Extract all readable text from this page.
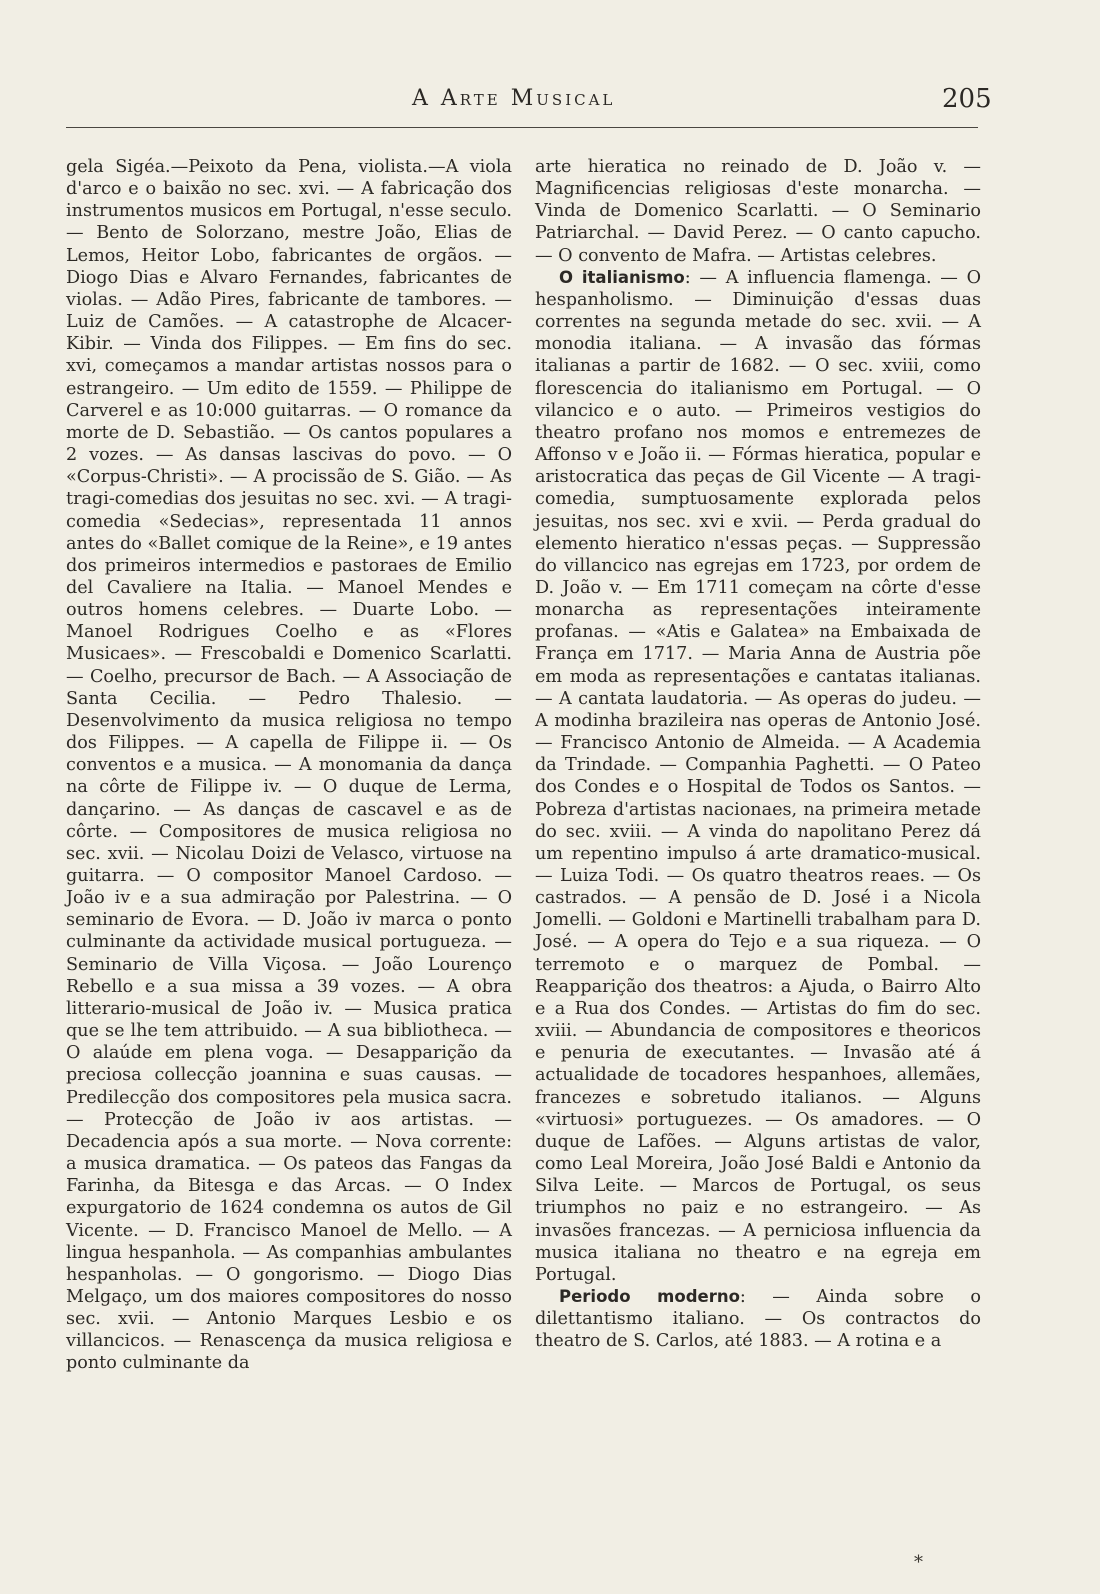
A Arte Musical	205

gela Sigéa.—Peixoto da Pena, violista.—A viola d'arco e o baixão no sec. xvi. — A fabricação dos instrumentos musicos em Portugal, n'esse seculo. — Bento de Solorzano, mestre João, Elias de Lemos, Heitor Lobo, fabricantes de orgãos. — Diogo Dias e Alvaro Fernandes, fabricantes de violas. — Adão Pires, fabricante de tambores. — Luiz de Camões. — A catastrophe de Alcacer-Kibir. — Vinda dos Filippes. — Em fins do sec. xvi, começamos a mandar artistas nossos para o estrangeiro. — Um edito de 1559. — Philippe de Carverel e as 10:000 guitarras. — O romance da morte de D. Sebastião. — Os cantos populares a 2 vozes. — As dansas lascivas do povo. — O «Corpus-Christi». — A procissão de S. Gião. — As tragi-comedias dos jesuitas no sec. xvi. — A tragi-comedia «Sedecias», representada 11 annos antes do «Ballet comique de la Reine», e 19 antes dos primeiros intermedios e pastoraes de Emilio del Cavaliere na Italia. — Manoel Mendes e outros homens celebres. — Duarte Lobo. — Manoel Rodrigues Coelho e as «Flores Musicaes». — Frescobaldi e Domenico Scarlatti. — Coelho, precursor de Bach. — A Associação de Santa Cecilia. — Pedro Thalesio. — Desenvolvimento da musica religiosa no tempo dos Filippes. — A capella de Filippe ii. — Os conventos e a musica. — A monomania da dança na côrte de Filippe iv. — O duque de Lerma, dançarino. — As danças de cascavel e as de côrte. — Compositores de musica religiosa no sec. xvii. — Nicolau Doizi de Velasco, virtuose na guitarra. — O compositor Manoel Cardoso. — João iv e a sua admiração por Palestrina. — O seminario de Evora. — D. João iv marca o ponto culminante da actividade musical portugueza. — Seminario de Villa Viçosa. — João Lourenço Rebello e a sua missa a 39 vozes. — A obra litterario-musical de João iv. — Musica pratica que se lhe tem attribuido. — A sua bibliotheca. — O alaúde em plena voga. — Desapparição da preciosa collecção joannina e suas causas. — Predilecção dos compositores pela musica sacra. — Protecção de João iv aos artistas. — Decadencia após a sua morte. — Nova corrente: a musica dramatica. — Os pateos das Fangas da Farinha, da Bitesga e das Arcas. — O Index expurgatorio de 1624 condemna os autos de Gil Vicente. — D. Francisco Manoel de Mello. — A lingua hespanhola. — As companhias ambulantes hespanholas. — O gongorismo. — Diogo Dias Melgaço, um dos maiores compositores do nosso sec. xvii. — Antonio Marques Lesbio e os villancicos. — Renascença da musica religiosa e ponto culminante da

arte hieratica no reinado de D. João v. — Magnificencias religiosas d'este monarcha. — Vinda de Domenico Scarlatti. — O Seminario Patriarchal. — David Perez. — O canto capucho. — O convento de Mafra. — Artistas celebres.

O italianismo: — A influencia flamenga. — O hespanholismo. — Diminuição d'essas duas correntes na segunda metade do sec. xvii. — A monodia italiana. — A invasão das fórmas italianas a partir de 1682. — O sec. xviii, como florescencia do italianismo em Portugal. — O vilancico e o auto. — Primeiros vestigios do theatro profano nos momos e entremezes de Affonso v e João ii. — Fórmas hieratica, popular e aristocratica das peças de Gil Vicente — A tragi-comedia, sumptuosamente explorada pelos jesuitas, nos sec. xvi e xvii. — Perda gradual do elemento hieratico n'essas peças. — Suppressão do villancico nas egrejas em 1723, por ordem de D. João v. — Em 1711 começam na côrte d'esse monarcha as representações inteiramente profanas. — «Atis e Galatea» na Embaixada de França em 1717. — Maria Anna de Austria põe em moda as representações e cantatas italianas. — A cantata laudatoria. — As operas do judeu. — A modinha brazileira nas operas de Antonio José. — Francisco Antonio de Almeida. — A Academia da Trindade. — Companhia Paghetti. — O Pateo dos Condes e o Hospital de Todos os Santos. — Pobreza d'artistas nacionaes, na primeira metade do sec. xviii. — A vinda do napolitano Perez dá um repentino impulso á arte dramatico-musical. — Luiza Todi. — Os quatro theatros reaes. — Os castrados. — A pensão de D. José i a Nicola Jomelli. — Goldoni e Martinelli trabalham para D. José. — A opera do Tejo e a sua riqueza. — O terremoto e o marquez de Pombal. — Reapparição dos theatros: a Ajuda, o Bairro Alto e a Rua dos Condes. — Artistas do fim do sec. xviii. — Abundancia de compositores e theoricos e penuria de executantes. — Invasão até á actualidade de tocadores hespanhoes, allemães, francezes e sobretudo italianos. — Alguns «virtuosi» portuguezes. — Os amadores. — O duque de Lafões. — Alguns artistas de valor, como Leal Moreira, João José Baldi e Antonio da Silva Leite. — Marcos de Portugal, os seus triumphos no paiz e no estrangeiro. — As invasões francezas. — A perniciosa influencia da musica italiana no theatro e na egreja em Portugal.

Periodo moderno: — Ainda sobre o dilettantismo italiano. — Os contractos do theatro de S. Carlos, até 1883. — A rotina e a

*
